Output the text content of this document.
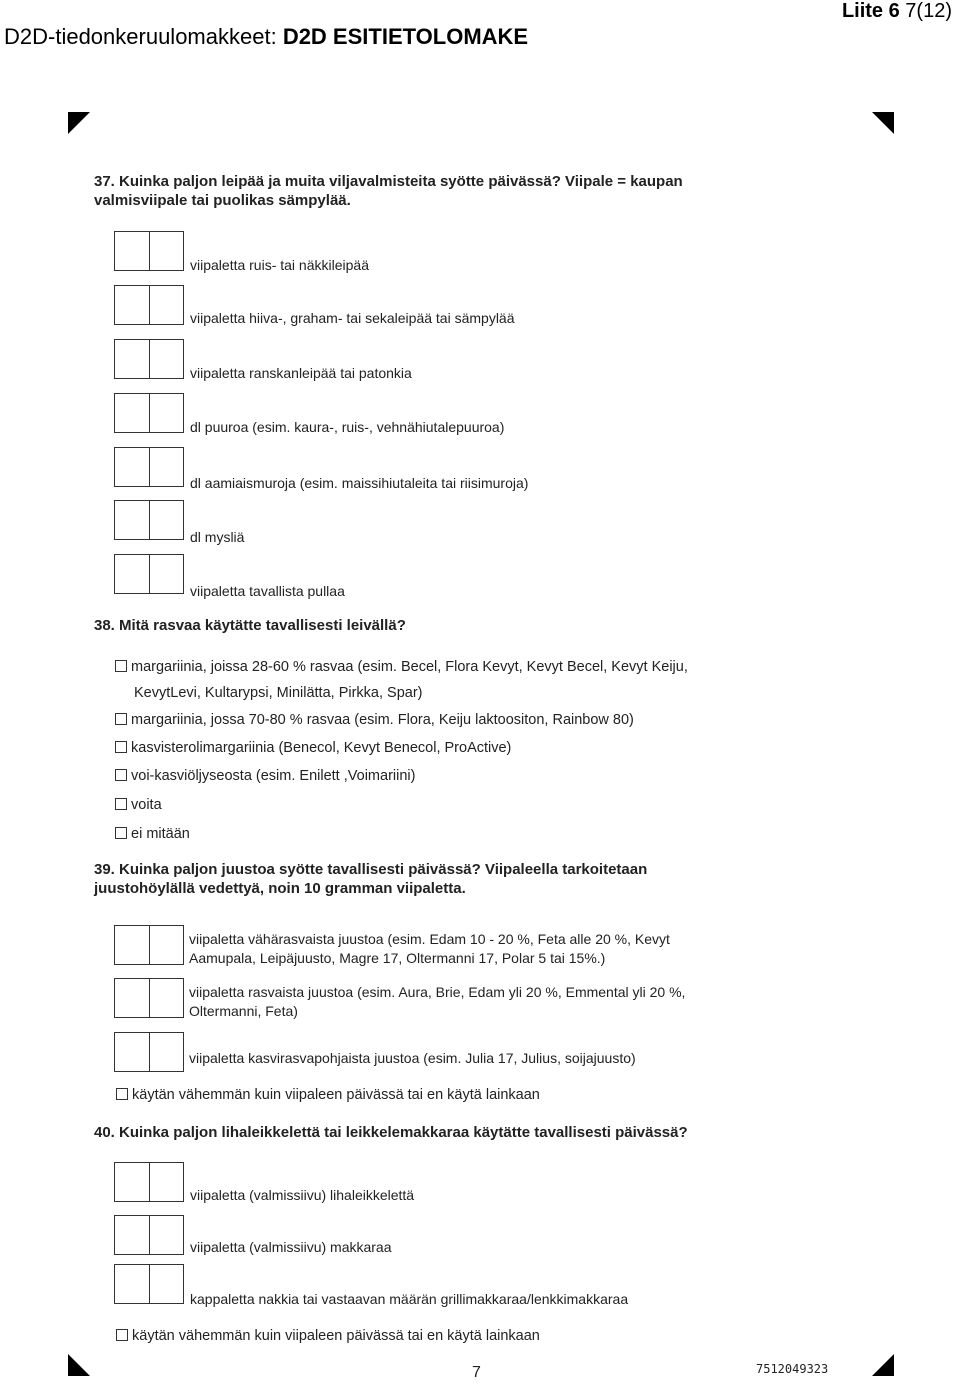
D2D-tiedonkeruulomakkeet: D2D ESITIETOLOMAKE
Liite 6 7(12)
37. Kuinka paljon leipää ja muita viljavalmisteita syötte päivässä? Viipale = kaupan
valmisviipale tai puolikas sämpylää.
viipaletta ruis- tai näkkileipää
viipaletta hiiva-, graham- tai sekaleipää tai sämpylää
viipaletta ranskanleipää tai patonkia
dl puuroa (esim. kaura-, ruis-, vehnähiutalepuuroa)
dl aamiaismuroja (esim. maissihiutaleita tai riisimuroja)
dl mysliä
viipaletta tavallista pullaa
38. Mitä rasvaa käytätte tavallisesti leivällä?
margariinia, joissa 28-60 % rasvaa (esim. Becel, Flora Kevyt, Kevyt Becel, Kevyt Keiju,
KevytLevi, Kultarypsi, Minilätta, Pirkka, Spar)
margariinia, jossa 70-80 % rasvaa (esim. Flora, Keiju laktoositon, Rainbow 80)
kasvisterolimargariinia (Benecol, Kevyt Benecol, ProActive)
voi-kasviöljyseosta (esim. Enilett ,Voimariini)
voita
ei mitään
39. Kuinka paljon juustoa syötte tavallisesti päivässä? Viipaleella tarkoitetaan
juustohöylällä vedettyä, noin 10 gramman viipaletta.
viipaletta vähärasvaista juustoa (esim. Edam 10 - 20 %, Feta alle 20 %, Kevyt
Aamupala, Leipäjuusto, Magre 17, Oltermanni 17, Polar 5 tai 15%.)
viipaletta rasvaista juustoa (esim. Aura, Brie, Edam yli 20 %, Emmental yli 20 %,
Oltermanni, Feta)
viipaletta kasvirasvapohjaista juustoa (esim. Julia 17, Julius, soijajuusto)
käytän vähemmän kuin viipaleen päivässä tai en käytä lainkaan
40. Kuinka paljon lihaleikkelettä tai leikkelemakkaraa käytätte tavallisesti päivässä?
viipaletta (valmissiivu) lihaleikkelettä
viipaletta (valmissiivu) makkaraa
kappaletta nakkia tai vastaavan määrän grillimakkaraa/lenkkimakkaraa
käytän vähemmän kuin viipaleen päivässä tai en käytä lainkaan
7	7512049323
